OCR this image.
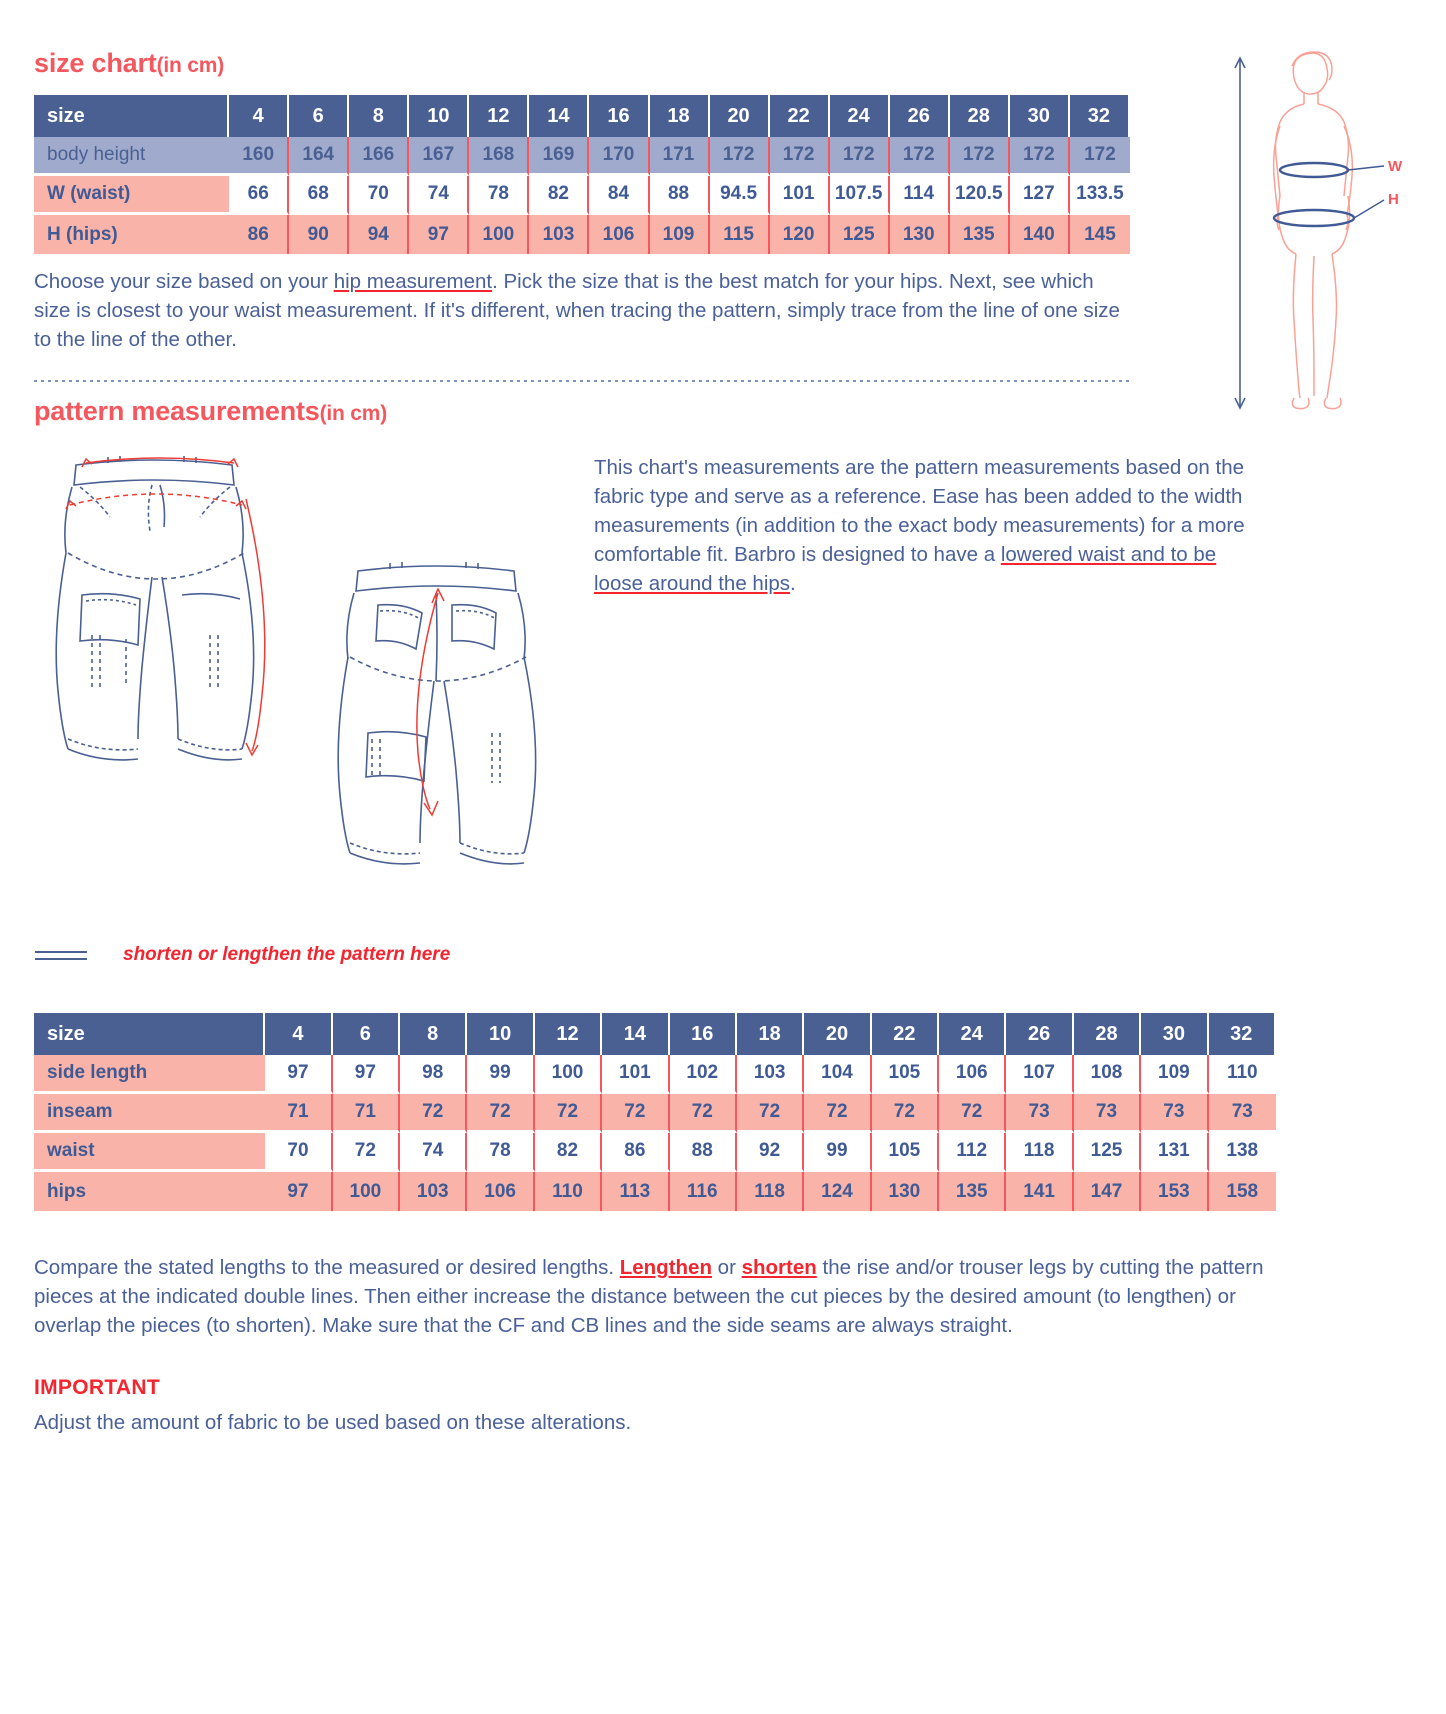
size chart(in cm)
size	4	6	8	10	12	14	16	18	20	22	24	26	28	30	32
body height	160	164	166	167	168	169	170	171	172	172	172	172	172	172	172
W (waist)	66	68	70	74	78	82	84	88	94.5	101	107.5	114	120.5	127	133.5
H (hips)	86	90	94	97	100	103	106	109	115	120	125	130	135	140	145

Choose your size based on your hip measurement. Pick the size that is the best match for your hips. Next, see which size is closest to your waist measurement. If it's different, when tracing the pattern, simply trace from the line of one size to the line of the other.

W
H
pattern measurements(in cm)

This chart's measurements are the pattern measurements based on the fabric type and serve as a reference. Ease has been added to the width measurements (in addition to the exact body measurements) for a more comfortable fit. Barbro is designed to have a lowered waist and to be loose around the hips.

shorten or lengthen the pattern here
size	4	6	8	10	12	14	16	18	20	22	24	26	28	30	32
side length	97	97	98	99	100	101	102	103	104	105	106	107	108	109	110
inseam	71	71	72	72	72	72	72	72	72	72	72	73	73	73	73
waist	70	72	74	78	82	86	88	92	99	105	112	118	125	131	138
hips	97	100	103	106	110	113	116	118	124	130	135	141	147	153	158

Compare the stated lengths to the measured or desired lengths. Lengthen or shorten the rise and/or trouser legs by cutting the pattern pieces at the indicated double lines. Then either increase the distance between the cut pieces by the desired amount (to lengthen) or overlap the pieces (to shorten). Make sure that the CF and CB lines and the side seams are always straight.

IMPORTANT
Adjust the amount of fabric to be used based on these alterations.
